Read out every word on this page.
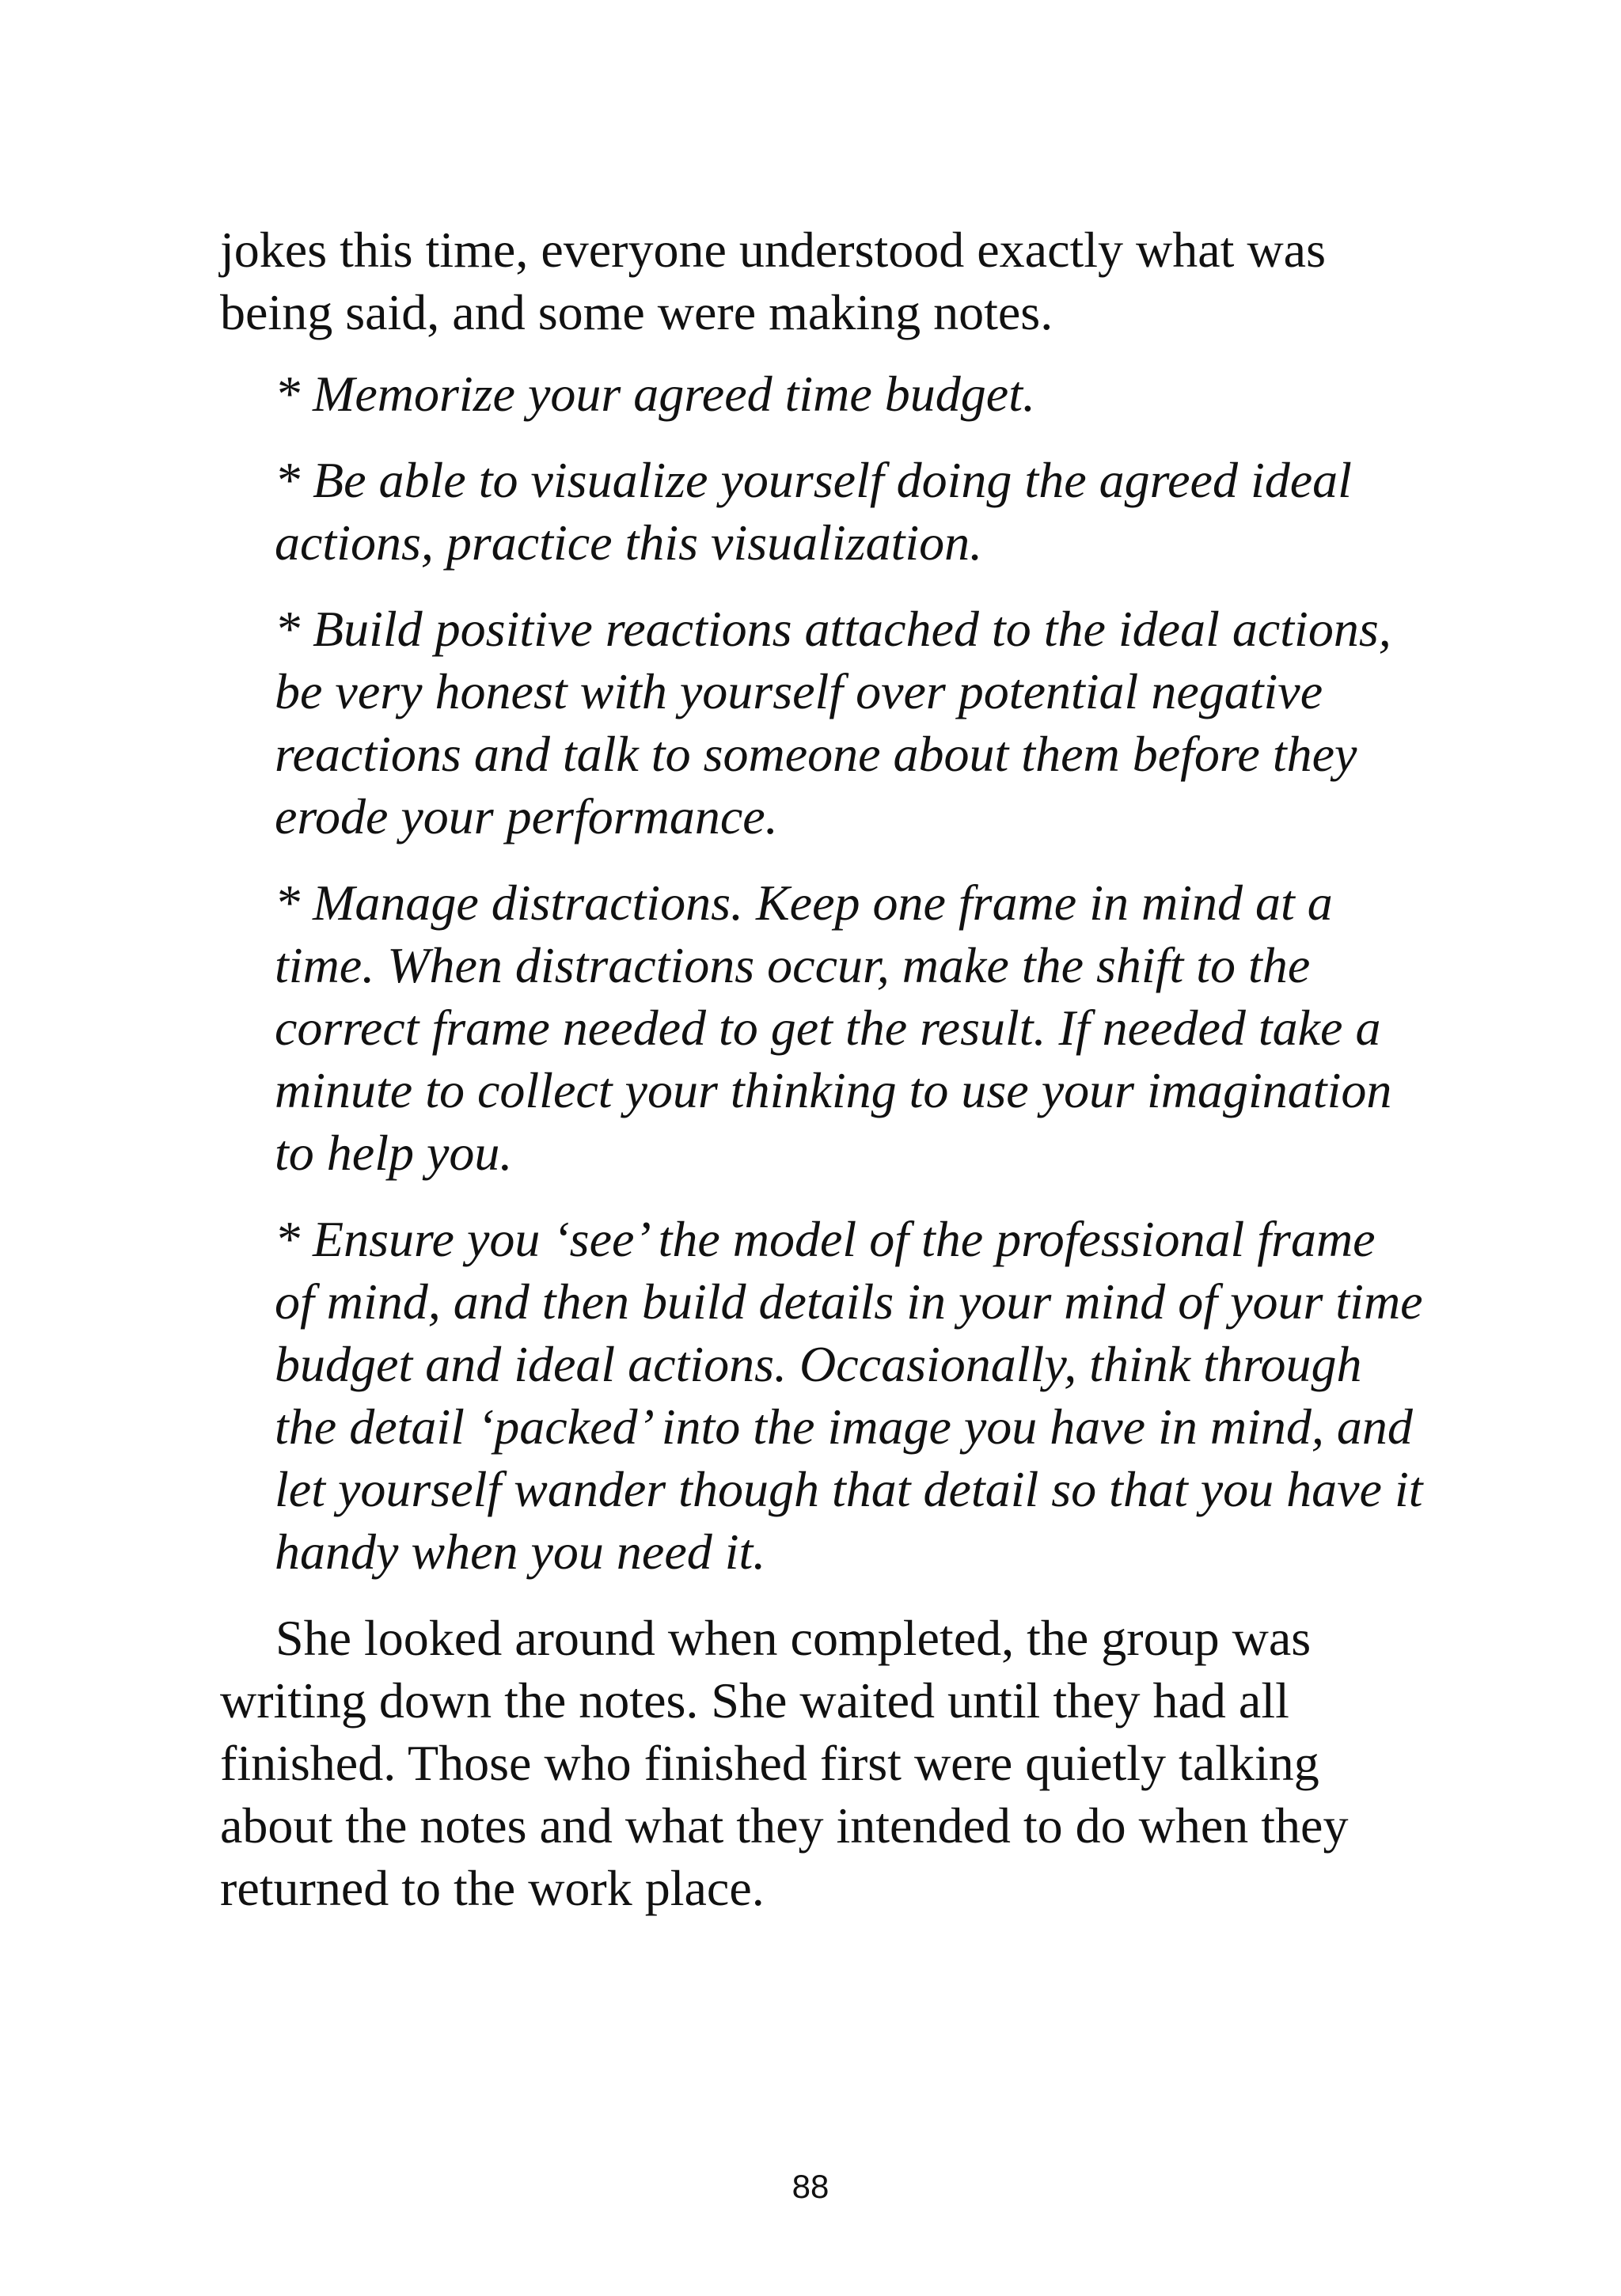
jokes this time, everyone understood exactly what was being said, and some were making notes.

* Memorize your agreed time budget.

* Be able to visualize yourself doing the agreed ideal actions, practice this visualization.

* Build positive reactions attached to the ideal actions, be very honest with yourself over potential negative reactions and talk to someone about them before they erode your performance.

* Manage distractions. Keep one frame in mind at a time. When distractions occur, make the shift to the correct frame needed to get the result. If needed take a minute to collect your thinking to use your imagination to help you.

* Ensure you ‘see’ the model of the professional frame of mind, and then build details in your mind of your time budget and ideal actions. Occasionally, think through the detail ‘packed’ into the image you have in mind, and let yourself wander though that detail so that you have it handy when you need it.

She looked around when completed, the group was writing down the notes. She waited until they had all finished. Those who finished first were quietly talking about the notes and what they intended to do when they returned to the work place.

88
